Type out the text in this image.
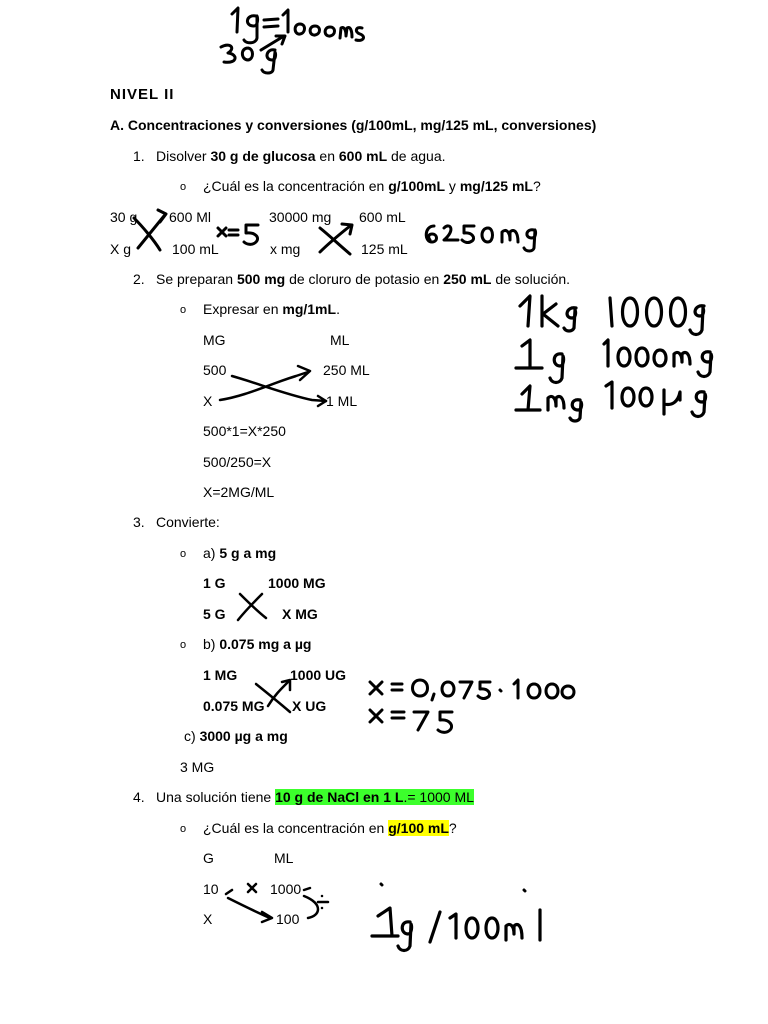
NIVEL II
A. Concentraciones y conversiones (g/100mL, mg/125 mL, conversiones)
1. Disolver 30 g de glucosa en 600 mL de agua.
o ¿Cuál es la concentración en g/100mL y mg/125 mL?
30 g 600 Ml	30000 mg 600 mL
X g	100 mL	x mg	125 mL
2. Se preparan 500 mg de cloruro de potasio en 250 mL de solución.
o Expresar en mg/1mL.
MG	ML
500	250 ML
X	1 ML
500*1=X*250
500/250=X
X=2MG/ML
3. Convierte:
o a) 5 g a mg
1 G	1000 MG
5 G	X MG
o b) 0.075 mg a µg
1 MG	1000 UG
0.075 MG X UG
c) 3000 µg a mg
3 MG
4. Una solución tiene 10 g de NaCl en 1 L.= 1000 ML
o ¿Cuál es la concentración en g/100 mL?
G	ML
10	1000
X	100
